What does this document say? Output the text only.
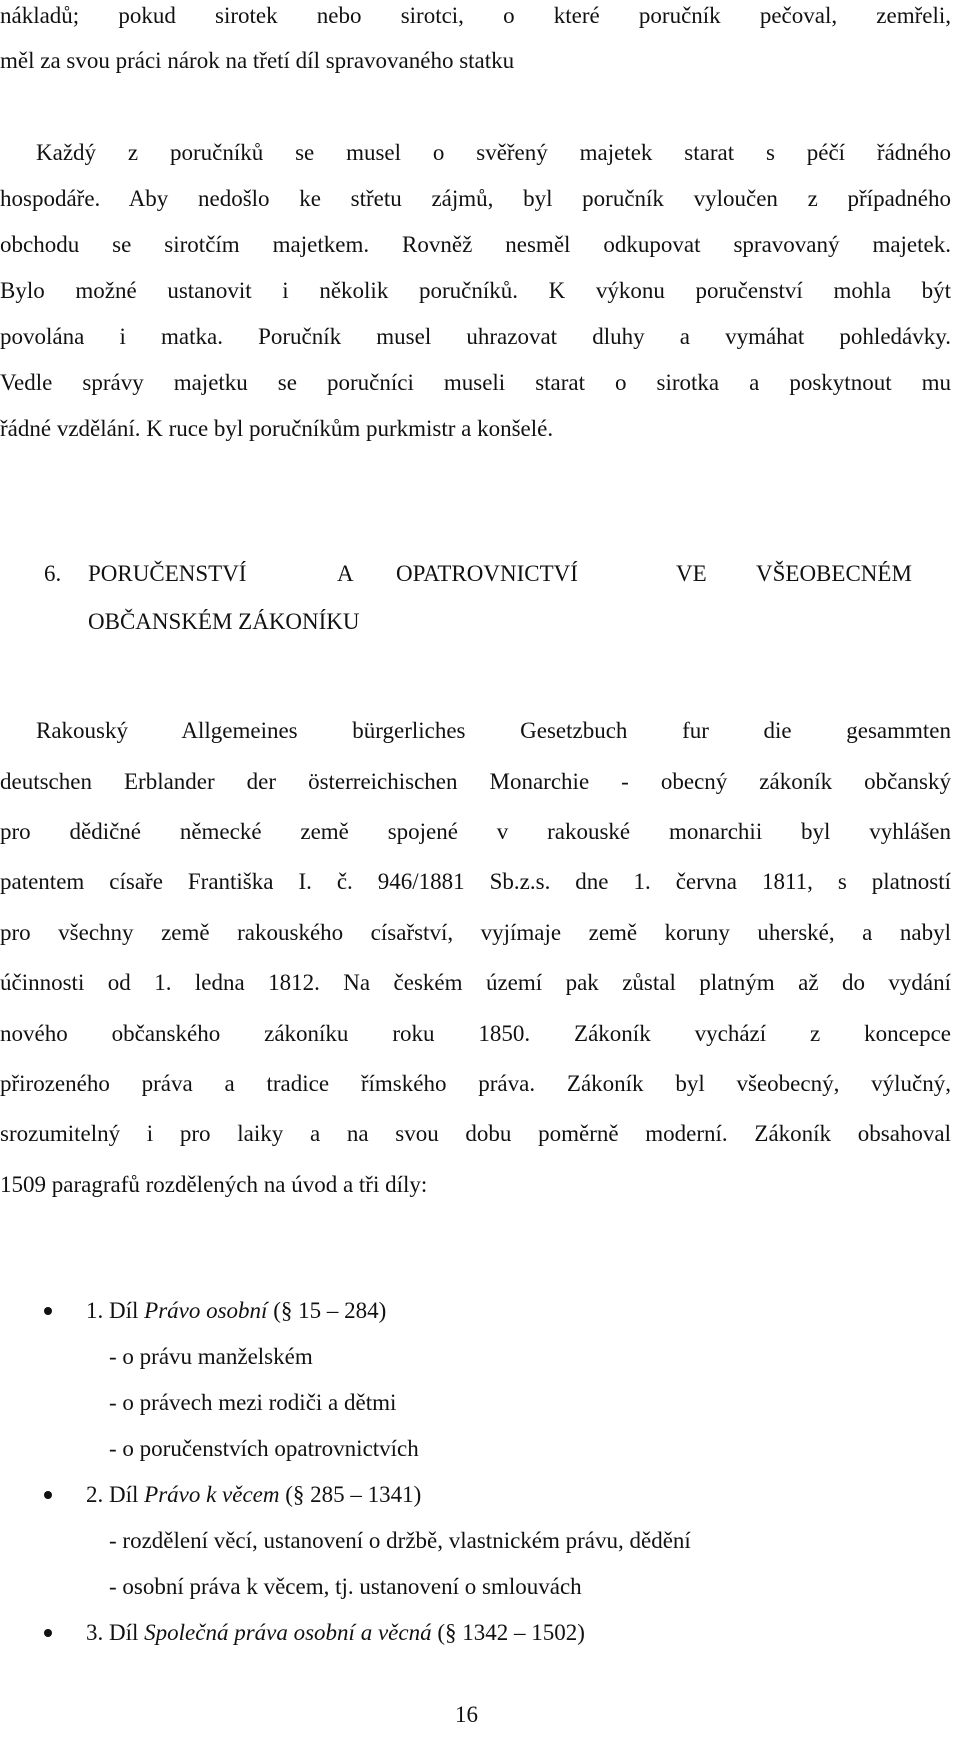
nákladů; pokud sirotek nebo sirotci, o které poručník pečoval, zemřeli,
měl za svou práci nárok na třetí díl spravovaného statku
Každý z poručníků se musel o svěřený majetek starat s péčí řádného
hospodáře. Aby nedošlo ke střetu zájmů, byl poručník vyloučen z případného
obchodu se sirotčím majetkem. Rovněž nesměl odkupovat spravovaný majetek.
Bylo možné ustanovit i několik poručníků. K výkonu poručenství mohla být
povolána i matka. Poručník musel uhrazovat dluhy a vymáhat pohledávky.
Vedle správy majetku se poručníci museli starat o sirotka a poskytnout mu
řádné vzdělání. K ruce byl poručníkům purkmistr a konšelé.
6. PORUČENSTVÍ	A OPATROVNICTVÍ	VE VŠEOBECNÉM
OBČANSKÉM ZÁKONÍKU
Rakouský Allgemeines bürgerliches Gesetzbuch fur die gesammten
deutschen Erblander der österreichischen Monarchie - obecný zákoník občanský
pro dědičné německé země spojené v rakouské monarchii byl vyhlášen
patentem císaře Františka I. č. 946/1881 Sb.z.s. dne 1. června 1811, s platností
pro všechny země rakouského císařství, vyjímaje země koruny uherské, a nabyl
účinnosti od 1. ledna 1812. Na českém území pak zůstal platným až do vydání
nového občanského zákoníku roku 1850. Zákoník vychází z koncepce
přirozeného práva a tradice římského práva. Zákoník byl všeobecný, výlučný,
srozumitelný i pro laiky a na svou dobu poměrně moderní. Zákoník obsahoval
1509 paragrafů rozdělených na úvod a tři díly:
1. Díl Právo osobní (§ 15 – 284)
- o právu manželském
- o právech mezi rodiči a dětmi
- o poručenstvích opatrovnictvích
2. Díl Právo k věcem (§ 285 – 1341)
- rozdělení věcí, ustanovení o držbě, vlastnickém právu, dědění
- osobní práva k věcem, tj. ustanovení o smlouvách
3. Díl Společná práva osobní a věcná (§ 1342 – 1502)
16
